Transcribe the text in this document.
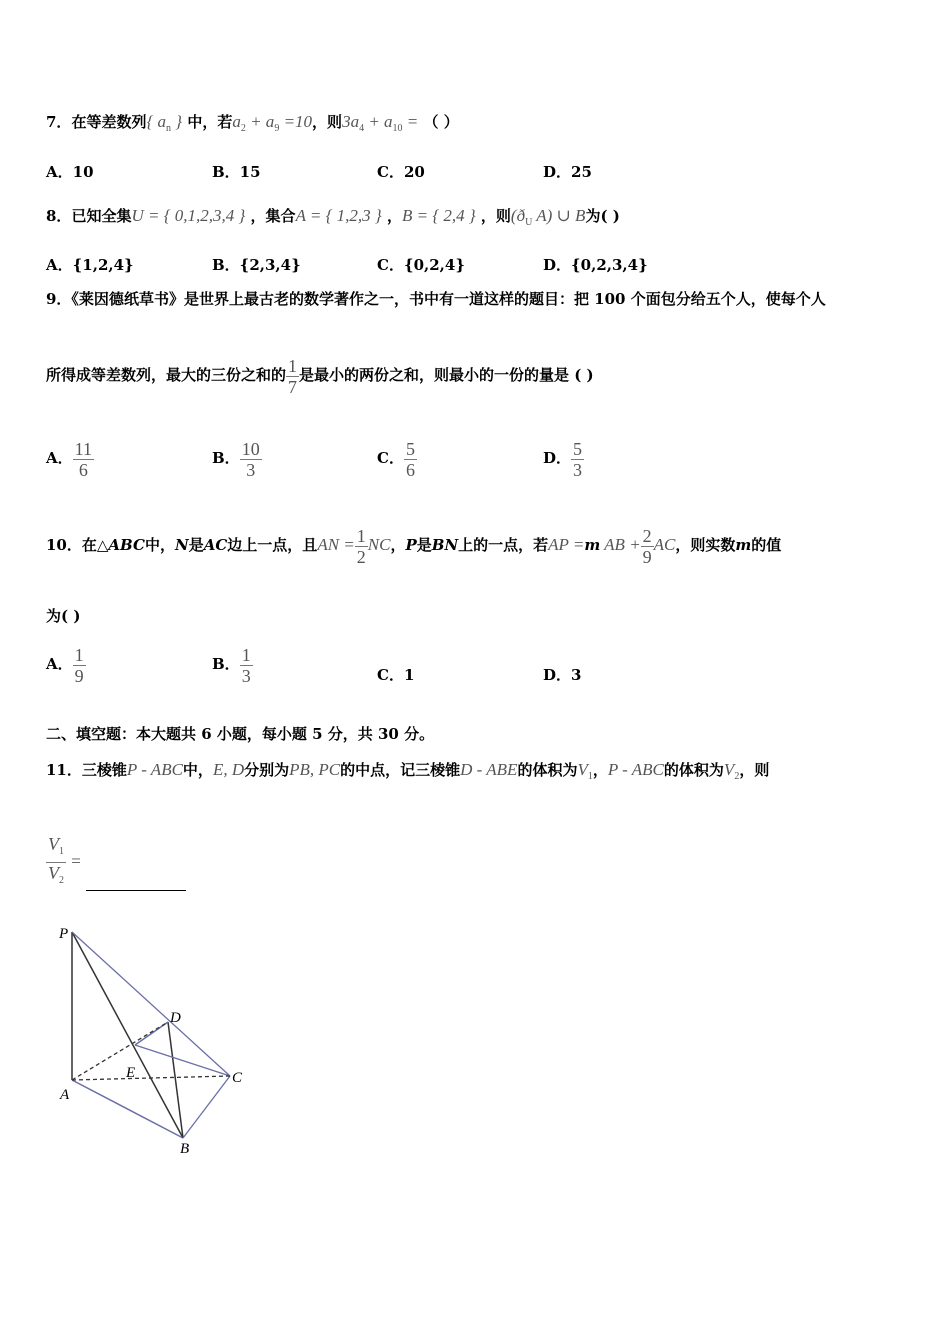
7．在等差数列{ $a_n$ } 中，若$a_2 + a_9 =10$，则$3a_4 + a_{10}$ = （ ）
A．10	B．15	C．20	D．25
8．已知全集U = { 0,1,2,3,4 } ，集合A = { 1,2,3 } ，B = { 2,4 } ，则($ð_U$ A) ∪ B为( )
A．{1,2,4}	B．{2,3,4}	C．{0,2,4}	D．{0,2,3,4}
9．《莱因德纸草书》是世界上最古老的数学著作之一，书中有一道这样的题目：把 100 个面包分给五个人，使每个人
所得成等差数列，最大的三份之和的 $\frac{1}{7}$ 是最小的两份之和，则最小的一份的量是 ( )
A． $\frac{11}{6}$	B． $\frac{10}{3}$	C． $\frac{5}{6}$	D． $\frac{5}{3}$
10．在△ABC中，N是AC边上一点，且AN = $\frac{1}{2}$ NC，P是BN上的一点，若AP =m AB + $\frac{2}{9}$ AC，则实数m的值
为( )
A． $\frac{1}{9}$	B． $\frac{1}{3}$	C．1	D．3
二、填空题：本大题共 6 小题，每小题 5 分，共 30 分。
11．三棱锥P - ABC中，E, D分别为PB, PC的中点，记三棱锥D - ABE的体积为$V_1$，P - ABC的体积为$V_2$，则
$\frac{V_1}{V_2}$ =
P
D
E
A
C
B
